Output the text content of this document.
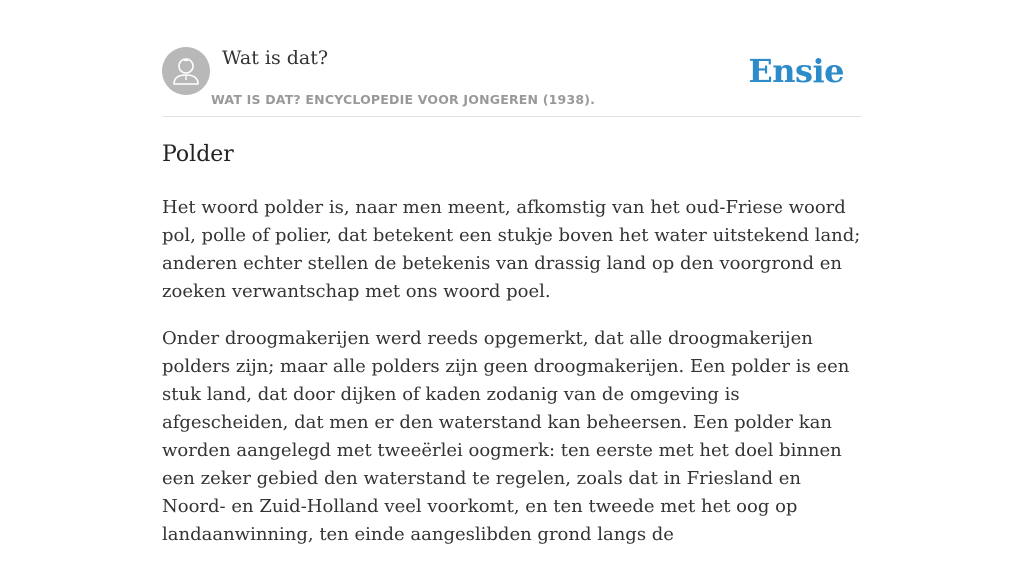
Wat is dat?
WAT IS DAT? ENCYCLOPEDIE VOOR JONGEREN (1938).
Ensie
Polder

Het woord polder is, naar men meent, afkomstig van het oud-Friese woord pol, polle of polier, dat betekent een stukje boven het water uitstekend land; anderen echter stellen de betekenis van drassig land op den voorgrond en zoeken verwantschap met ons woord poel.

Onder droogmakerijen werd reeds opgemerkt, dat alle droogmakerijen polders zijn; maar alle polders zijn geen droogmakerijen. Een polder is een stuk land, dat door dijken of kaden zodanig van de omgeving is afgescheiden, dat men er den waterstand kan beheersen. Een polder kan worden aangelegd met tweeërlei oogmerk: ten eerste met het doel binnen een zeker gebied den waterstand te regelen, zoals dat in Friesland en Noord- en Zuid-Holland veel voorkomt, en ten tweede met het oog op landaanwinning, ten einde aangeslibden grond langs de
